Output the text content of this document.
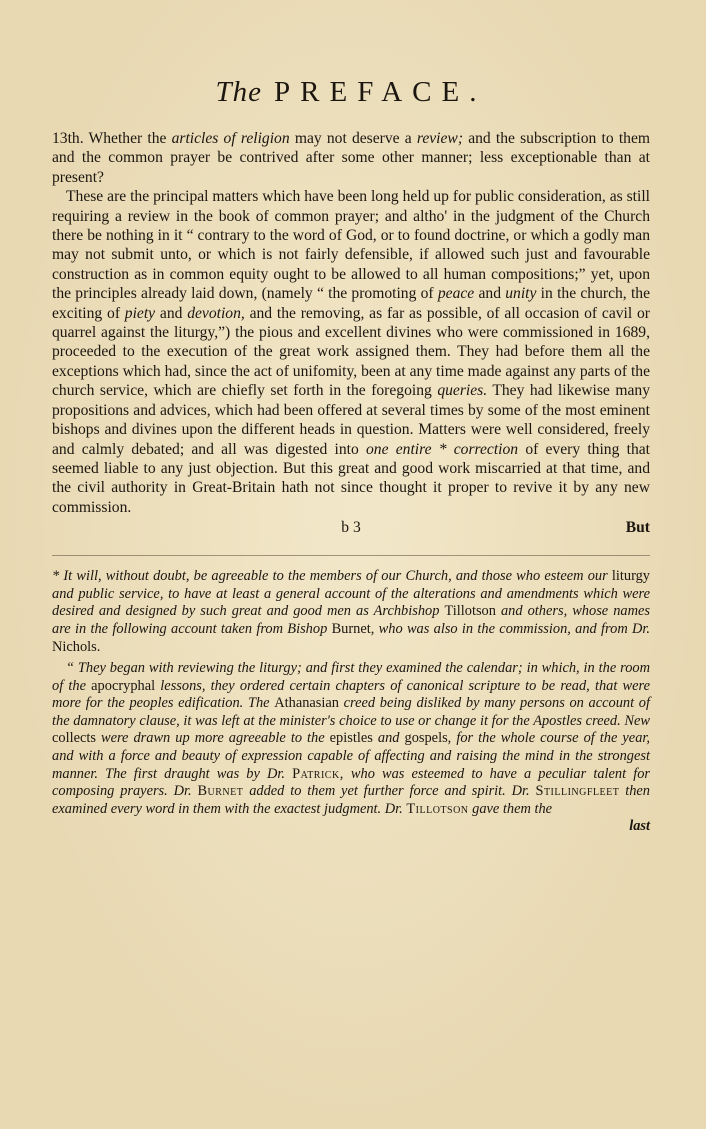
The PREFACE.

13th. Whether the articles of religion may not deserve a review; and the subscription to them and the common prayer be contrived after some other manner; less exceptionable than at present?

These are the principal matters which have been long held up for public consideration, as still requiring a review in the book of common prayer; and altho' in the judgment of the Church there be nothing in it “ contrary to the word of God, or to found doctrine, or which a godly man may not submit unto, or which is not fairly defensible, if allowed such just and favourable construction as in common equity ought to be allowed to all human compositions;” yet, upon the principles already laid down, (namely “ the promoting of peace and unity in the church, the exciting of piety and devotion, and the removing, as far as possible, of all occasion of cavil or quarrel against the liturgy,”) the pious and excellent divines who were commissioned in 1689, proceeded to the execution of the great work assigned them. They had before them all the exceptions which had, since the act of unifomity, been at any time made against any parts of the church service, which are chiefly set forth in the foregoing queries. They had likewise many propositions and advices, which had been offered at several times by some of the most eminent bishops and divines upon the different heads in question. Matters were well considered, freely and calmly debated; and all was digested into one entire * correction of every thing that seemed liable to any just objection. But this great and good work miscarried at that time, and the civil authority in Great-Britain hath not since thought it proper to revive it by any new commission.

b 3	But

* It will, without doubt, be agreeable to the members of our Church, and those who esteem our liturgy and public service, to have at least a general account of the alterations and amendments which were desired and designed by such great and good men as Archbishop Tillotson and others, whose names are in the following account taken from Bishop Burnet, who was also in the commission, and from Dr. Nichols.

“ They began with reviewing the liturgy; and first they examined the calendar; in which, in the room of the apocryphal lessons, they ordered certain chapters of canonical scripture to be read, that were more for the peoples edification. The Athanasian creed being disliked by many persons on account of the damnatory clause, it was left at the minister's choice to use or change it for the Apostles creed. New collects were drawn up more agreeable to the epistles and gospels, for the whole course of the year, and with a force and beauty of expression capable of affecting and raising the mind in the strongest manner. The first draught was by Dr. Patrick, who was esteemed to have a peculiar talent for composing prayers. Dr. Burnet added to them yet further force and spirit. Dr. Stillingfleet then examined every word in them with the exactest judgment. Dr. Tillotson gave them the

last
